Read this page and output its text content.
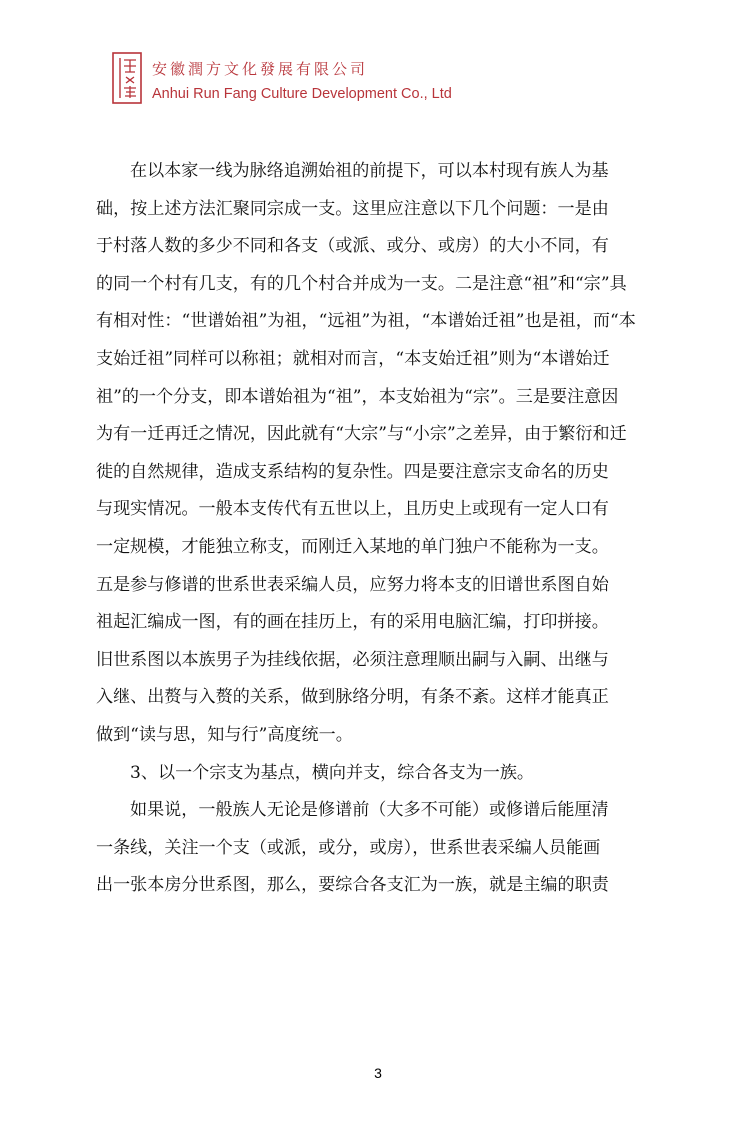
安徽潤方文化發展有限公司
Anhui Run Fang Culture Development Co., Ltd
在以本家一线为脉络追溯始祖的前提下，可以本村现有族人为基
础，按上述方法汇聚同宗成一支。这里应注意以下几个问题：一是由
于村落人数的多少不同和各支（或派、或分、或房）的大小不同，有
的同一个村有几支，有的几个村合并成为一支。二是注意“祖”和“宗”具
有相对性：“世谱始祖”为祖，“远祖”为祖，“本谱始迁祖”也是祖，而“本
支始迁祖”同样可以称祖；就相对而言，“本支始迁祖”则为“本谱始迁
祖”的一个分支，即本谱始祖为“祖”，本支始祖为“宗”。三是要注意因
为有一迁再迁之情况，因此就有“大宗”与“小宗”之差异，由于繁衍和迁
徙的自然规律，造成支系结构的复杂性。四是要注意宗支命名的历史
与现实情况。一般本支传代有五世以上，且历史上或现有一定人口有
一定规模，才能独立称支，而刚迁入某地的单门独户不能称为一支。
五是参与修谱的世系世表采编人员，应努力将本支的旧谱世系图自始
祖起汇编成一图，有的画在挂历上，有的采用电脑汇编，打印拼接。
旧世系图以本族男子为挂线依据，必须注意理顺出嗣与入嗣、出继与
入继、出赘与入赘的关系，做到脉络分明，有条不紊。这样才能真正
做到“读与思，知与行”高度统一。
3、以一个宗支为基点，横向并支，综合各支为一族。
如果说，一般族人无论是修谱前（大多不可能）或修谱后能厘清
一条线，关注一个支（或派，或分，或房），世系世表采编人员能画
出一张本房分世系图，那么，要综合各支汇为一族，就是主编的职责
3
